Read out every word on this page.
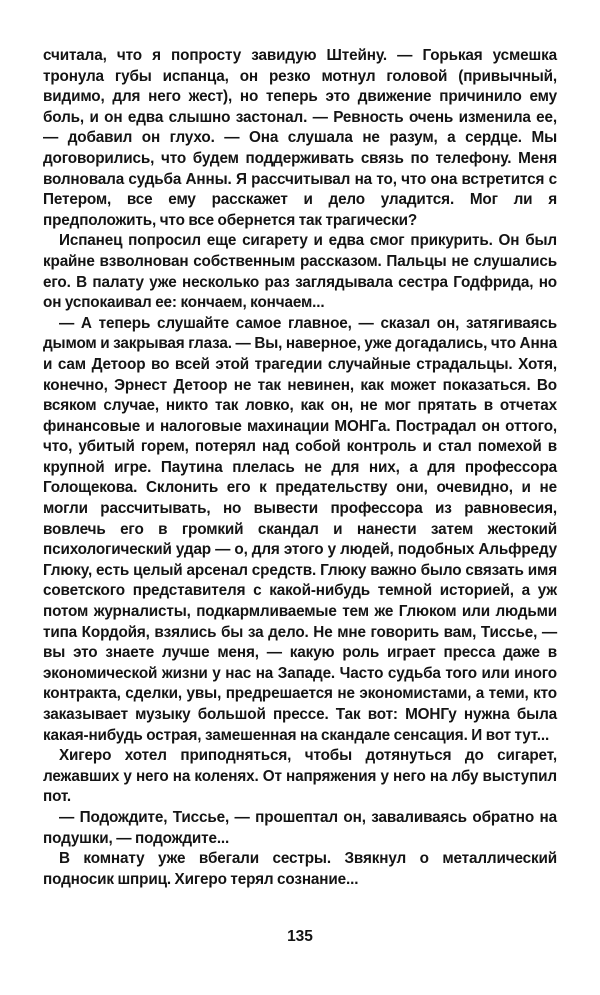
считала, что я попросту завидую Штейну. — Горькая усмешка тронула губы испанца, он резко мотнул головой (привычный, видимо, для него жест), но теперь это движение причинило ему боль, и он едва слышно застонал. — Ревность очень изменила ее, — добавил он глухо. — Она слушала не разум, а сердце. Мы договорились, что будем поддерживать связь по телефону. Меня волновала судьба Анны. Я рассчитывал на то, что она встретится с Петером, все ему расскажет и дело уладится. Мог ли я предположить, что все обернется так трагически?

Испанец попросил еще сигарету и едва смог прикурить. Он был крайне взволнован собственным рассказом. Пальцы не слушались его. В палату уже несколько раз заглядывала сестра Годфрида, но он успокаивал ее: кончаем, кончаем...

— А теперь слушайте самое главное, — сказал он, затягиваясь дымом и закрывая глаза. — Вы, наверное, уже догадались, что Анна и сам Детоор во всей этой трагедии случайные страдальцы. Хотя, конечно, Эрнест Детоор не так невинен, как может показаться. Во всяком случае, никто так ловко, как он, не мог прятать в отчетах финансовые и налоговые махинации МОНГа. Пострадал он оттого, что, убитый горем, потерял над собой контроль и стал помехой в крупной игре. Паутина плелась не для них, а для профессора Голощекова. Склонить его к предательству они, очевидно, и не могли рассчитывать, но вывести профессора из равновесия, вовлечь его в громкий скандал и нанести затем жестокий психологический удар — о, для этого у людей, подобных Альфреду Глюку, есть целый арсенал средств. Глюку важно было связать имя советского представителя с какой-нибудь темной историей, а уж потом журналисты, подкармливаемые тем же Глюком или людьми типа Кордойя, взялись бы за дело. Не мне говорить вам, Тиссье, — вы это знаете лучше меня, — какую роль играет пресса даже в экономической жизни у нас на Западе. Часто судьба того или иного контракта, сделки, увы, предрешается не экономистами, а теми, кто заказывает музыку большой прессе. Так вот: МОНГу нужна была какая-нибудь острая, замешенная на скандале сенсация. И вот тут...

Хигеро хотел приподняться, чтобы дотянуться до сигарет, лежавших у него на коленях. От напряжения у него на лбу выступил пот.

— Подождите, Тиссье, — прошептал он, заваливаясь обратно на подушки, — подождите...

В комнату уже вбегали сестры. Звякнул о металлический подносик шприц. Хигеро терял сознание...

135
